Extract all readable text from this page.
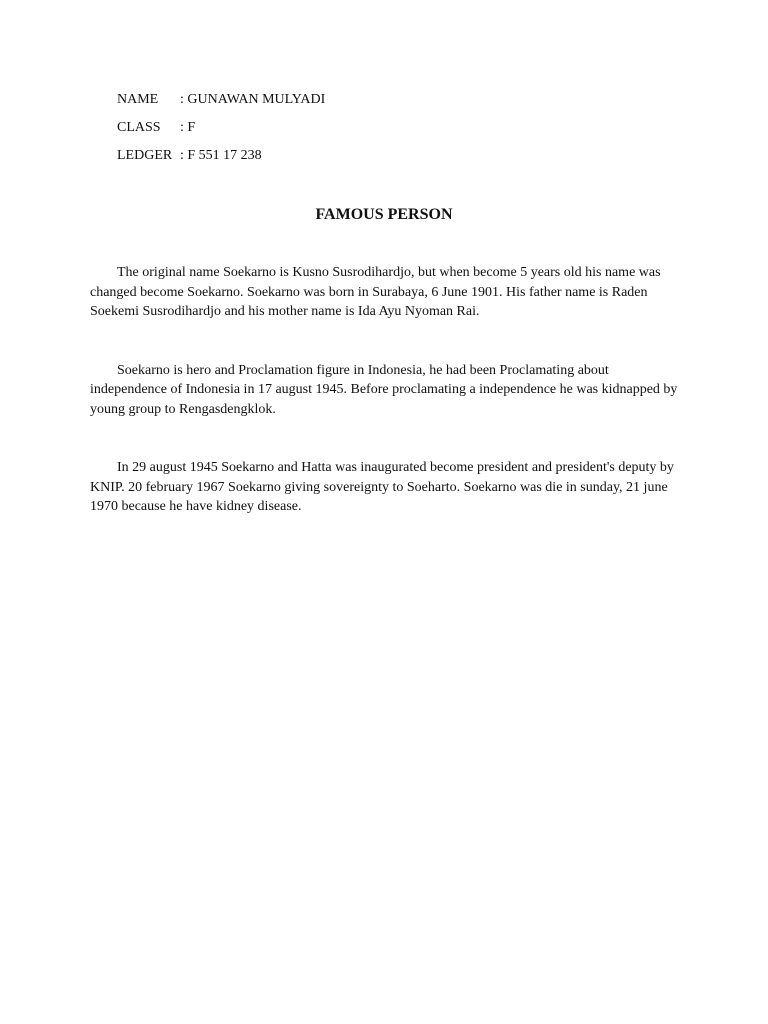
NAME	: GUNAWAN MULYADI
CLASS	: F
LEDGER : F 551 17 238
FAMOUS PERSON

The original name Soekarno is Kusno Susrodihardjo, but when become 5 years old his name was changed become Soekarno. Soekarno was born in Surabaya, 6 June 1901. His father name is Raden Soekemi Susrodihardjo and his mother name is Ida Ayu Nyoman Rai.

Soekarno is hero and Proclamation figure in Indonesia, he had been Proclamating about independence of Indonesia in 17 august 1945. Before proclamating a independence he was kidnapped by young group to Rengasdengklok.

In 29 august 1945 Soekarno and Hatta was inaugurated become president and president's deputy by KNIP. 20 february 1967 Soekarno giving sovereignty to Soeharto. Soekarno was die in sunday, 21 june 1970 because he have kidney disease.
